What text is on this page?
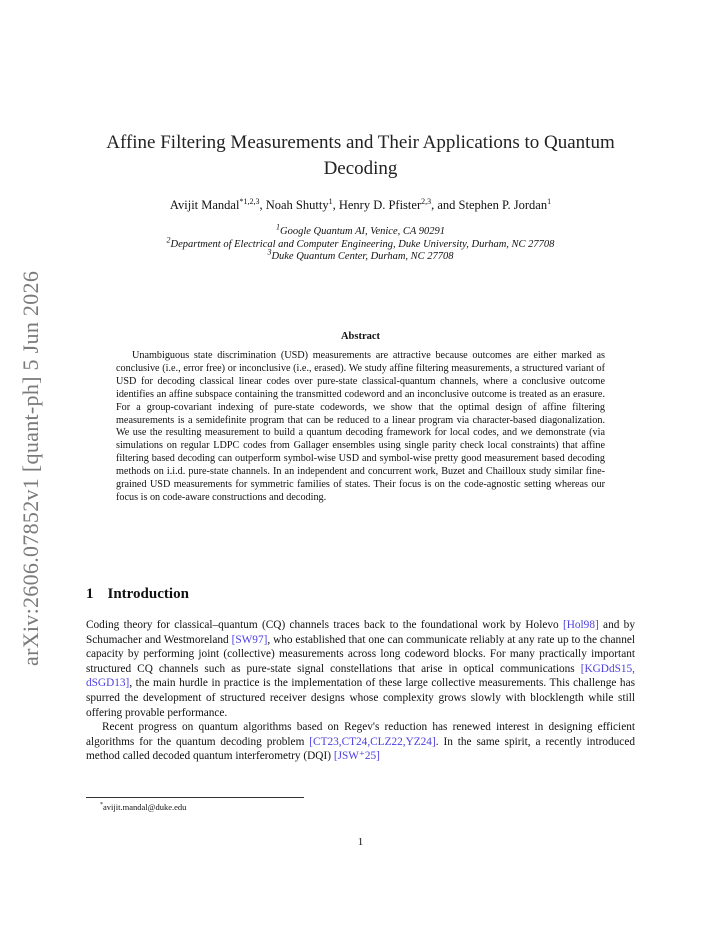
arXiv:2606.07852v1 [quant-ph] 5 Jun 2026
Affine Filtering Measurements and Their Applications to Quantum Decoding
Avijit Mandal$^{*1,2,3}$, Noah Shutty$^1$, Henry D. Pfister$^{2,3}$, and Stephen P. Jordan$^1$
$^1$Google Quantum AI, Venice, CA 90291
$^2$Department of Electrical and Computer Engineering, Duke University, Durham, NC 27708
$^3$Duke Quantum Center, Durham, NC 27708
Abstract
Unambiguous state discrimination (USD) measurements are attractive because outcomes are either marked as conclusive (i.e., error free) or inconclusive (i.e., erased). We study affine filtering measurements, a structured variant of USD for decoding classical linear codes over pure-state classical-quantum channels, where a conclusive outcome identifies an affine subspace containing the transmitted codeword and an inconclusive outcome is treated as an erasure. For a group-covariant indexing of pure-state codewords, we show that the optimal design of affine filtering measurements is a semidefinite program that can be reduced to a linear program via character-based diagonalization. We use the resulting measurement to build a quantum decoding framework for local codes, and we demonstrate (via simulations on regular LDPC codes from Gallager ensembles using single parity check local constraints) that affine filtering based decoding can outperform symbol-wise USD and symbol-wise pretty good measurement based decoding methods on i.i.d. pure-state channels. In an independent and concurrent work, Buzet and Chailloux study similar fine-grained USD measurements for symmetric families of states. Their focus is on the code-agnostic setting whereas our focus is on code-aware constructions and decoding.
1 Introduction

Coding theory for classical–quantum (CQ) channels traces back to the foundational work by Holevo [Hol98] and by Schumacher and Westmoreland [SW97], who established that one can communicate reliably at any rate up to the channel capacity by performing joint (collective) measurements across long codeword blocks. For many practically important structured CQ channels such as pure-state signal constellations that arise in optical communications [KGDdS15, dSGD13], the main hurdle in practice is the implementation of these large collective measurements. This challenge has spurred the development of structured receiver designs whose complexity grows slowly with blocklength while still offering provable performance.

Recent progress on quantum algorithms based on Regev's reduction has renewed interest in designing efficient algorithms for the quantum decoding problem [CT23,CT24,CLZ22,YZ24]. In the same spirit, a recently introduced method called decoded quantum interferometry (DQI) [JSW⁺25]

*avijit.mandal@duke.edu
1
